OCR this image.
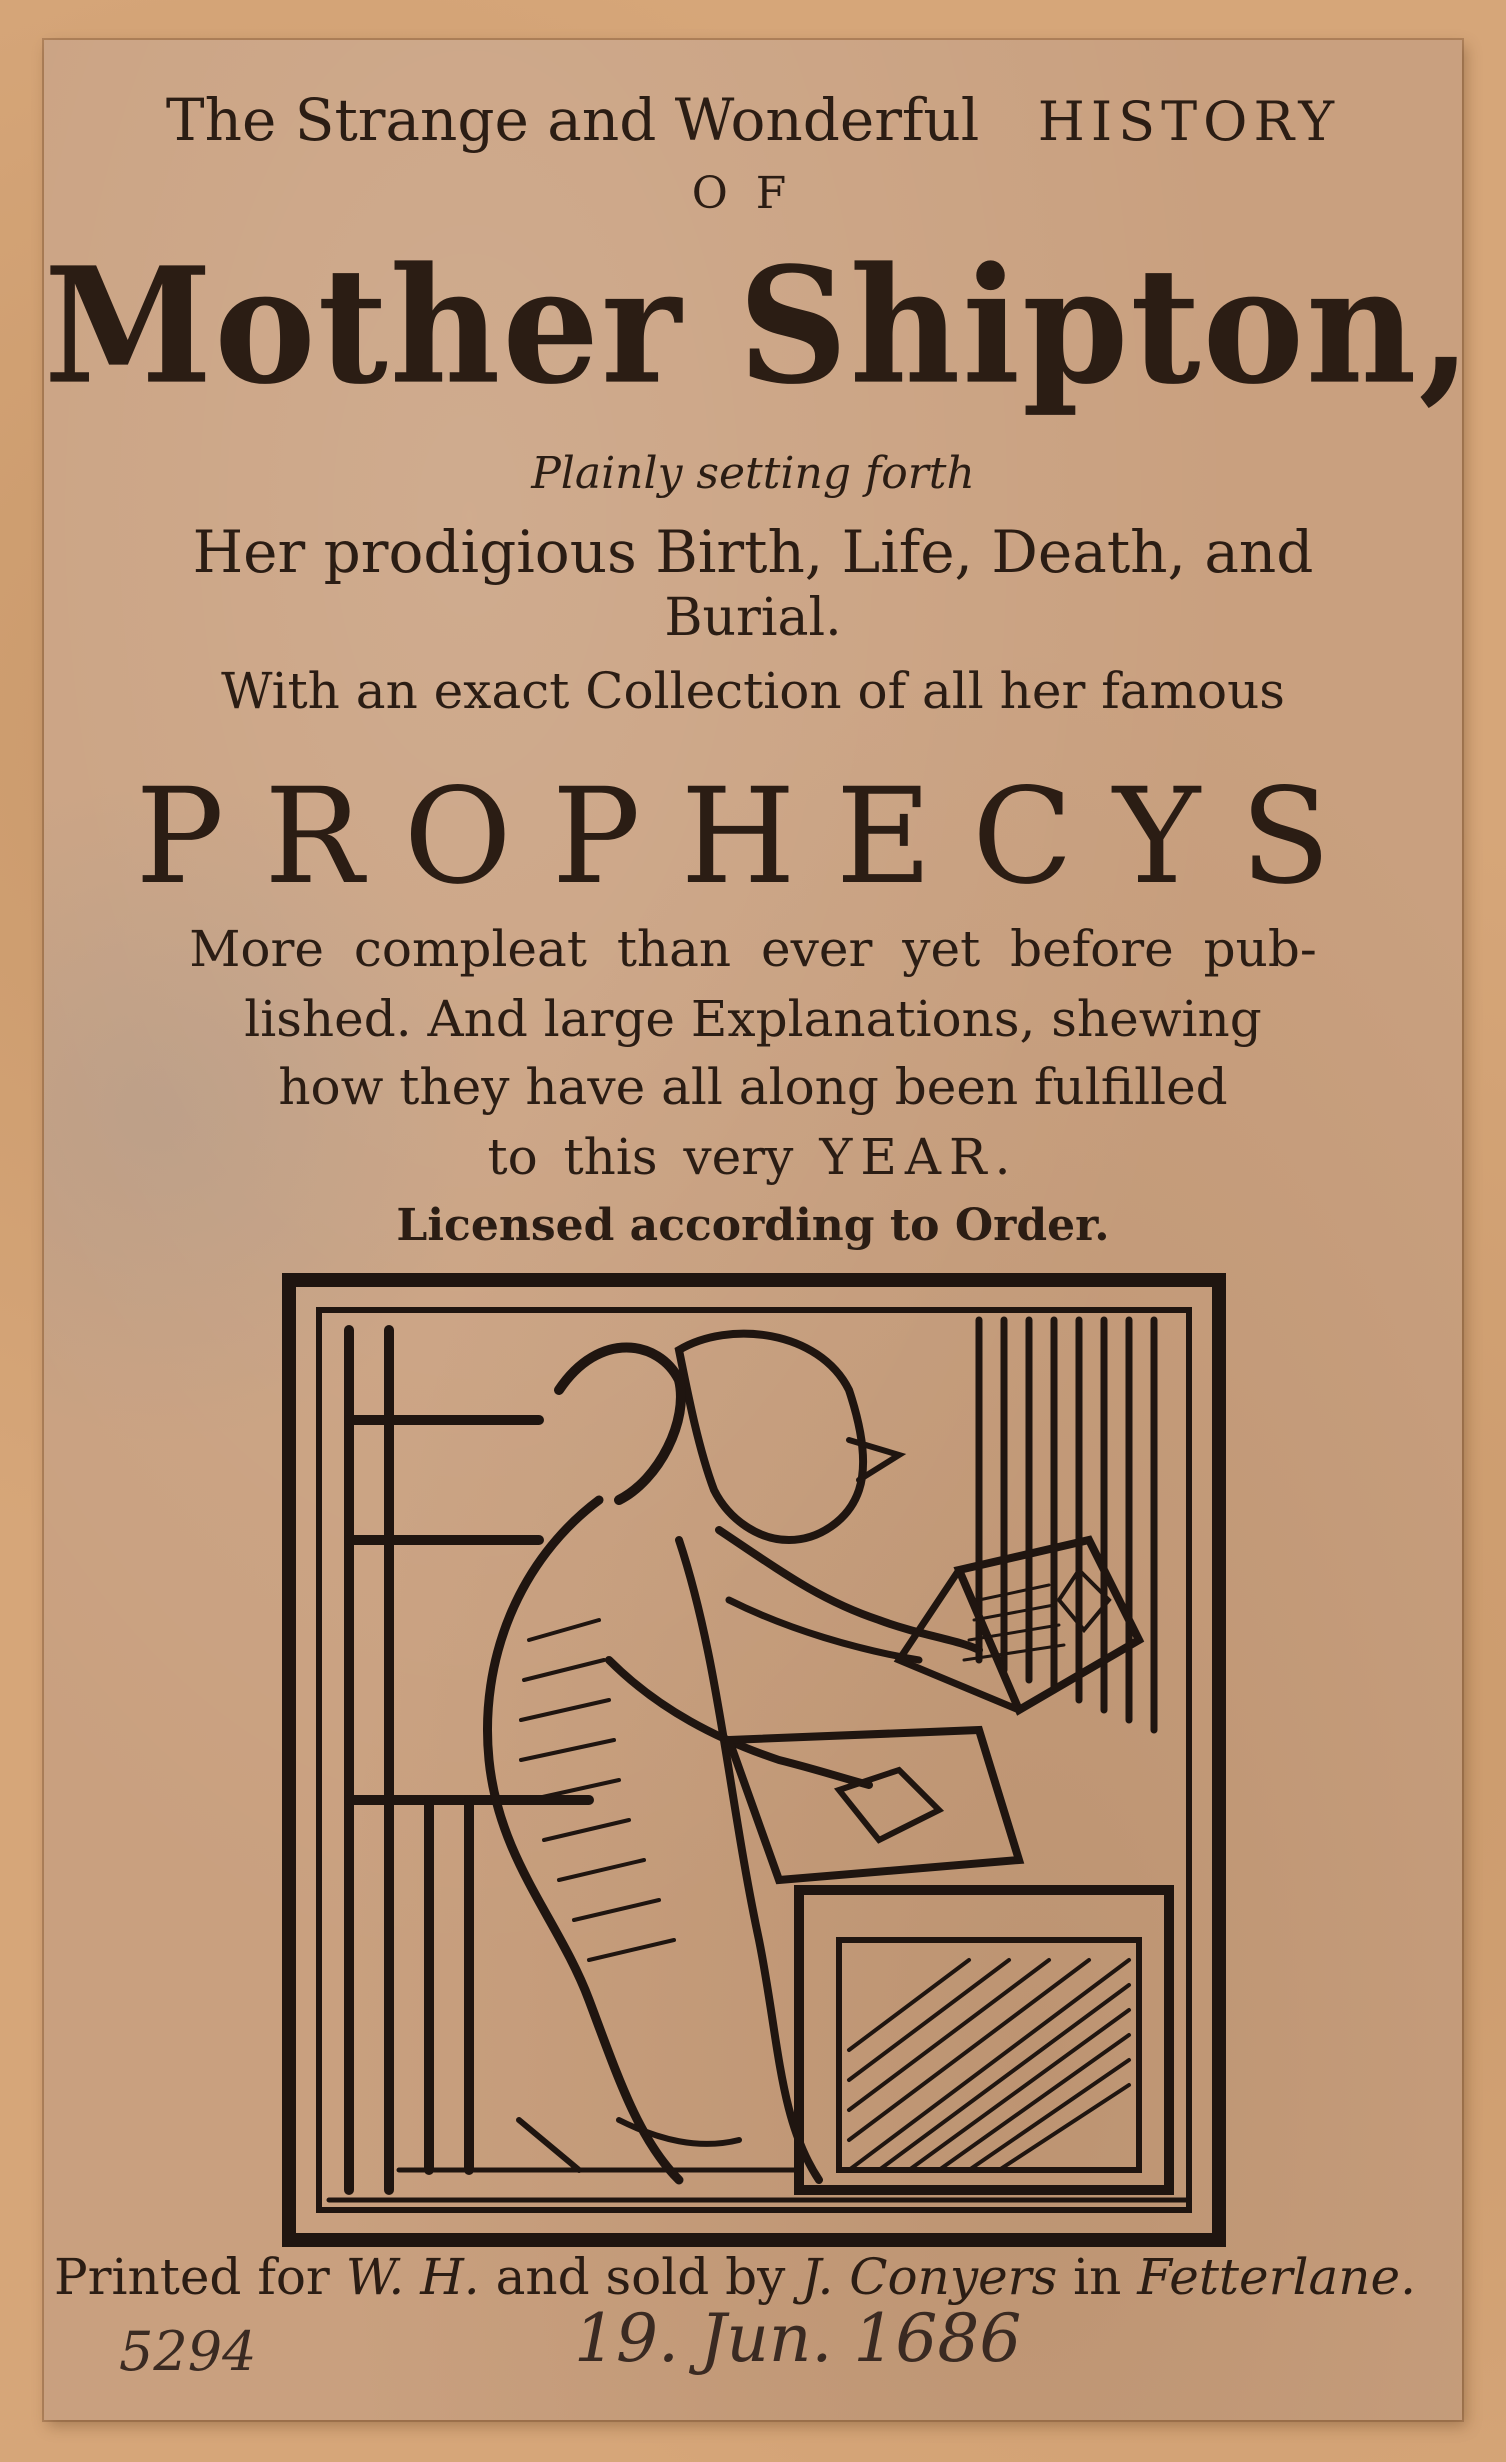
The Strange and Wonderful HISTORY
OF
Mother Shipton,
Plainly setting forth
Her prodigious Birth, Life, Death, and
Burial.
With an exact Collection of all her famous
PROPHECYS
More compleat than ever yet before pub-
lished. And large Explanations, shewing
how they have all along been fulfilled
to this very YEAR.
Licensed according to Order.
Printed for W. H. and sold by J. Conyers in Fetterlane.
5294	19. Jun. 1686
